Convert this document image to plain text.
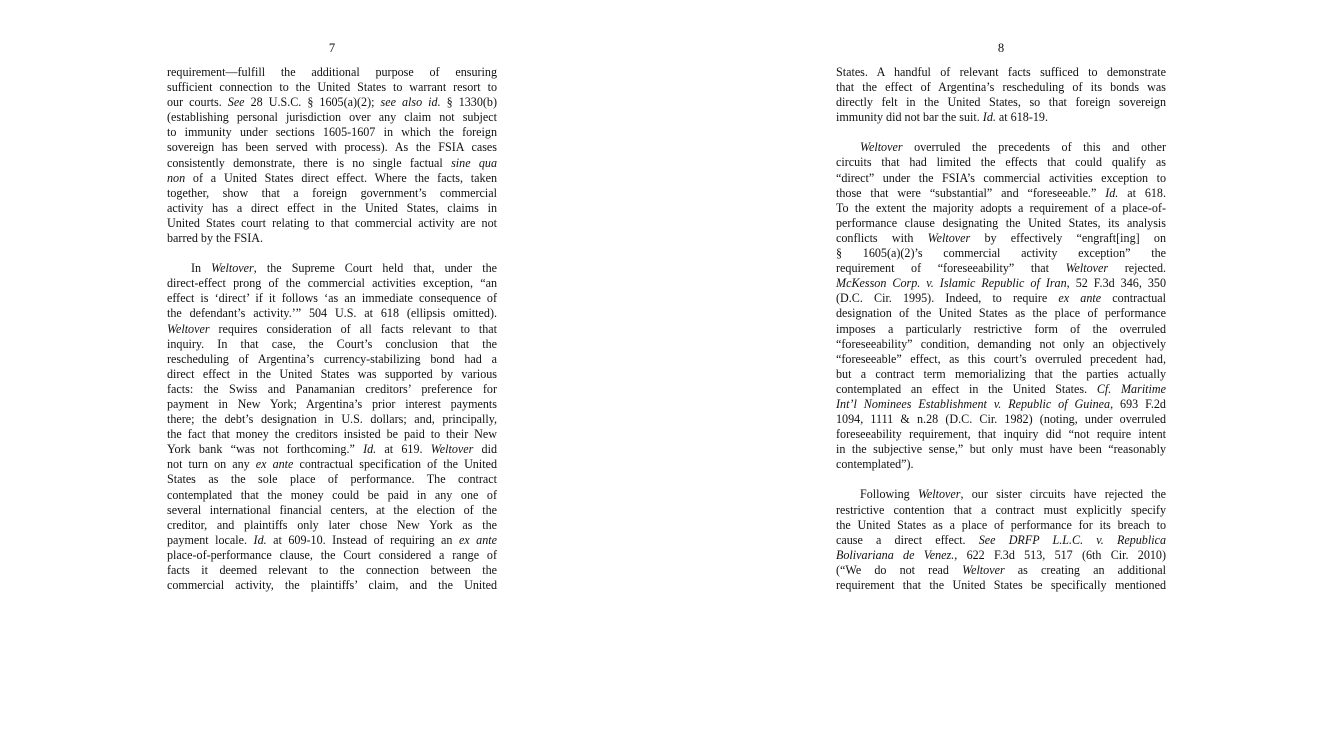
7
requirement—fulfill the additional purpose of ensuring
sufficient connection to the United States to warrant resort to
our courts. See 28 U.S.C. § 1605(a)(2); see also id. § 1330(b)
(establishing personal jurisdiction over any claim not subject
to immunity under sections 1605-1607 in which the foreign
sovereign has been served with process). As the FSIA cases
consistently demonstrate, there is no single factual sine qua
non of a United States direct effect. Where the facts, taken
together, show that a foreign government’s commercial
activity has a direct effect in the United States, claims in
United States court relating to that commercial activity are not
barred by the FSIA.
In Weltover, the Supreme Court held that, under the
direct-effect prong of the commercial activities exception, “an
effect is ‘direct’ if it follows ‘as an immediate consequence of
the defendant’s activity.’” 504 U.S. at 618 (ellipsis omitted).
Weltover requires consideration of all facts relevant to that
inquiry. In that case, the Court’s conclusion that the
rescheduling of Argentina’s currency-stabilizing bond had a
direct effect in the United States was supported by various
facts: the Swiss and Panamanian creditors’ preference for
payment in New York; Argentina’s prior interest payments
there; the debt’s designation in U.S. dollars; and, principally,
the fact that money the creditors insisted be paid to their New
York bank “was not forthcoming.” Id. at 619. Weltover did
not turn on any ex ante contractual specification of the United
States as the sole place of performance. The contract
contemplated that the money could be paid in any one of
several international financial centers, at the election of the
creditor, and plaintiffs only later chose New York as the
payment locale. Id. at 609-10. Instead of requiring an ex ante
place-of-performance clause, the Court considered a range of
facts it deemed relevant to the connection between the
commercial activity, the plaintiffs’ claim, and the United
8
States. A handful of relevant facts sufficed to demonstrate
that the effect of Argentina’s rescheduling of its bonds was
directly felt in the United States, so that foreign sovereign
immunity did not bar the suit. Id. at 618-19.
Weltover overruled the precedents of this and other
circuits that had limited the effects that could qualify as
“direct” under the FSIA’s commercial activities exception to
those that were “substantial” and “foreseeable.” Id. at 618.
To the extent the majority adopts a requirement of a place-of-
performance clause designating the United States, its analysis
conflicts with Weltover by effectively “engraft[ing] on
§ 1605(a)(2)’s commercial activity exception” the
requirement of “foreseeability” that Weltover rejected.
McKesson Corp. v. Islamic Republic of Iran, 52 F.3d 346, 350
(D.C. Cir. 1995). Indeed, to require ex ante contractual
designation of the United States as the place of performance
imposes a particularly restrictive form of the overruled
“foreseeability” condition, demanding not only an objectively
“foreseeable” effect, as this court’s overruled precedent had,
but a contract term memorializing that the parties actually
contemplated an effect in the United States. Cf. Maritime
Int’l Nominees Establishment v. Republic of Guinea, 693 F.2d
1094, 1111 & n.28 (D.C. Cir. 1982) (noting, under overruled
foreseeability requirement, that inquiry did “not require intent
in the subjective sense,” but only must have been “reasonably
contemplated”).
Following Weltover, our sister circuits have rejected the
restrictive contention that a contract must explicitly specify
the United States as a place of performance for its breach to
cause a direct effect. See DRFP L.L.C. v. Republica
Bolivariana de Venez., 622 F.3d 513, 517 (6th Cir. 2010)
(“We do not read Weltover as creating an additional
requirement that the United States be specifically mentioned
